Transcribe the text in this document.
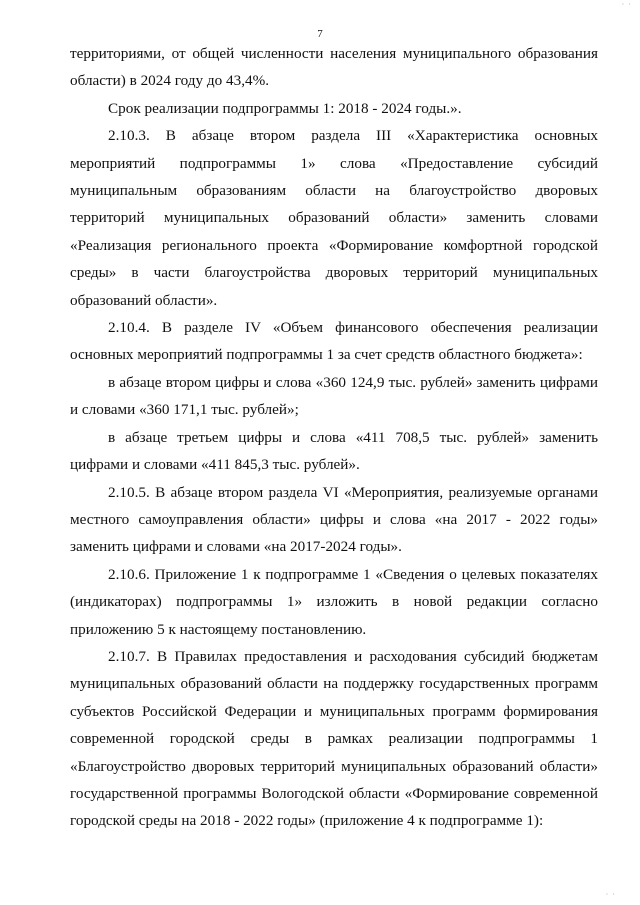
· ·
7

территориями, от общей численности населения муниципального образования области) в 2024 году до 43,4%.

Срок реализации подпрограммы 1: 2018 - 2024 годы.».

2.10.3. В абзаце втором раздела III «Характеристика основных мероприятий подпрограммы 1» слова «Предоставление субсидий муниципальным образованиям области на благоустройство дворовых территорий муниципальных образований области» заменить словами «Реализация регионального проекта «Формирование комфортной городской среды» в части благоустройства дворовых территорий муниципальных образований области».

2.10.4. В разделе IV «Объем финансового обеспечения реализации основных мероприятий подпрограммы 1 за счет средств областного бюджета»:

в абзаце втором цифры и слова «360 124,9 тыс. рублей» заменить цифрами и словами «360 171,1 тыс. рублей»;

в абзаце третьем цифры и слова «411 708,5 тыс. рублей» заменить цифрами и словами «411 845,3 тыс. рублей».

2.10.5. В абзаце втором раздела VI «Мероприятия, реализуемые органами местного самоуправления области» цифры и слова «на 2017 - 2022 годы» заменить цифрами и словами «на 2017-2024 годы».

2.10.6. Приложение 1 к подпрограмме 1 «Сведения о целевых показателях (индикаторах) подпрограммы 1» изложить в новой редакции согласно приложению 5 к настоящему постановлению.

2.10.7. В Правилах предоставления и расходования субсидий бюджетам муниципальных образований области на поддержку государственных программ субъектов Российской Федерации и муниципальных программ формирования современной городской среды в рамках реализации подпрограммы 1 «Благоустройство дворовых территорий муниципальных образований области» государственной программы Вологодской области «Формирование современной городской среды на 2018 - 2022 годы» (приложение 4 к подпрограмме 1):

· ·
